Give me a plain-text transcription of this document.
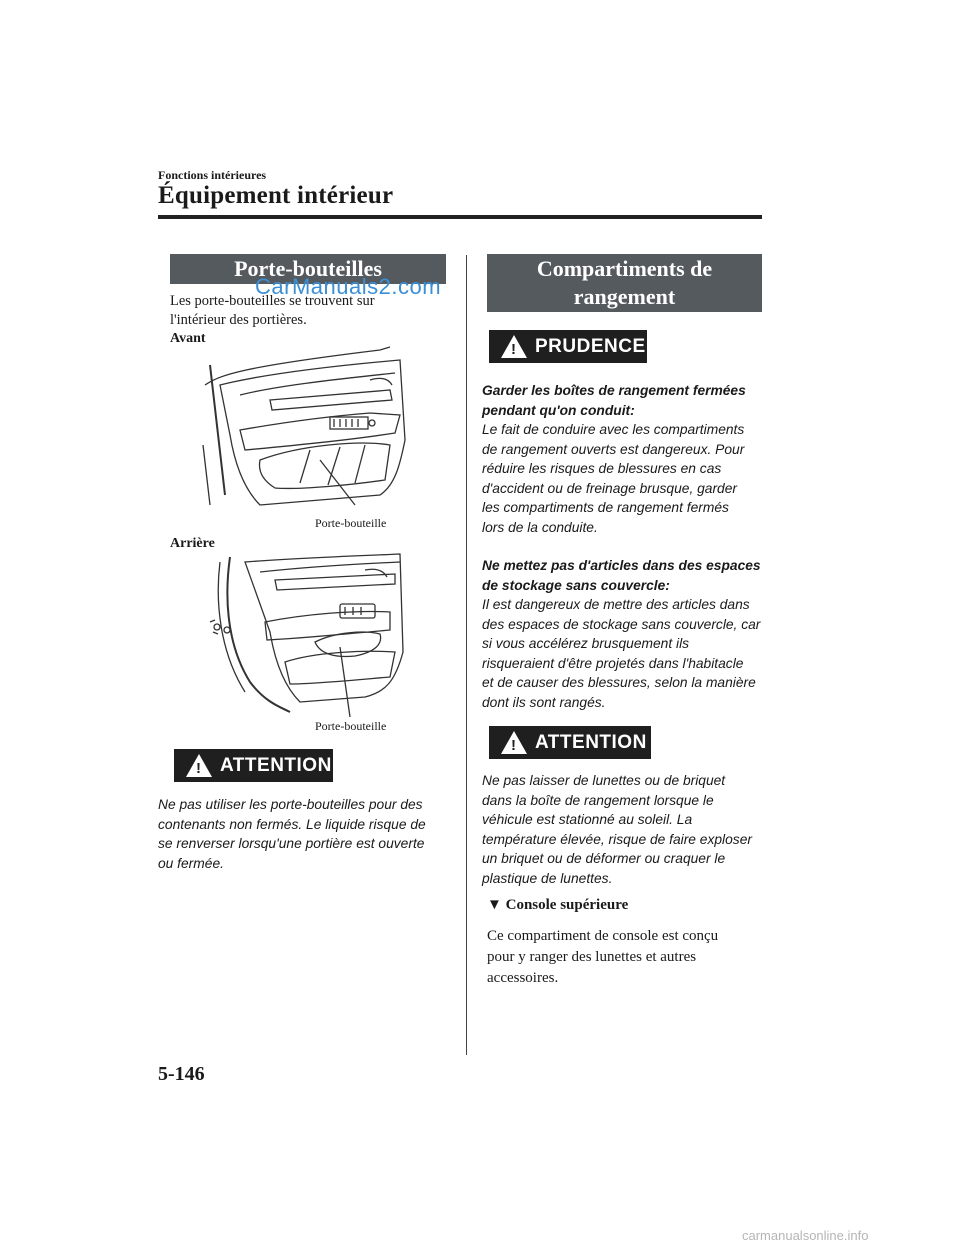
Fonctions intérieures
Équipement intérieur
Porte-bouteilles
Les porte-bouteilles se trouvent sur
l'intérieur des portières.
CarManuals2.com
Avant
Porte-bouteille
Arrière
Porte-bouteille
! ATTENTION
Ne pas utiliser les porte-bouteilles pour des
contenants non fermés. Le liquide risque de
se renverser lorsqu'une portière est ouverte
ou fermée.
Compartiments de
rangement
! PRUDENCE
Garder les boîtes de rangement fermées
pendant qu'on conduit:
Le fait de conduire avec les compartiments
de rangement ouverts est dangereux. Pour
réduire les risques de blessures en cas
d'accident ou de freinage brusque, garder
les compartiments de rangement fermés
lors de la conduite.
Ne mettez pas d'articles dans des espaces
de stockage sans couvercle:
Il est dangereux de mettre des articles dans
des espaces de stockage sans couvercle, car
si vous accélérez brusquement ils
risqueraient d'être projetés dans l'habitacle
et de causer des blessures, selon la manière
dont ils sont rangés.
! ATTENTION
Ne pas laisser de lunettes ou de briquet
dans la boîte de rangement lorsque le
véhicule est stationné au soleil. La
température élevée, risque de faire exploser
un briquet ou de déformer ou craquer le
plastique de lunettes.
▼ Console supérieure
Ce compartiment de console est conçu
pour y ranger des lunettes et autres
accessoires.
5-146
carmanualsonline.info
